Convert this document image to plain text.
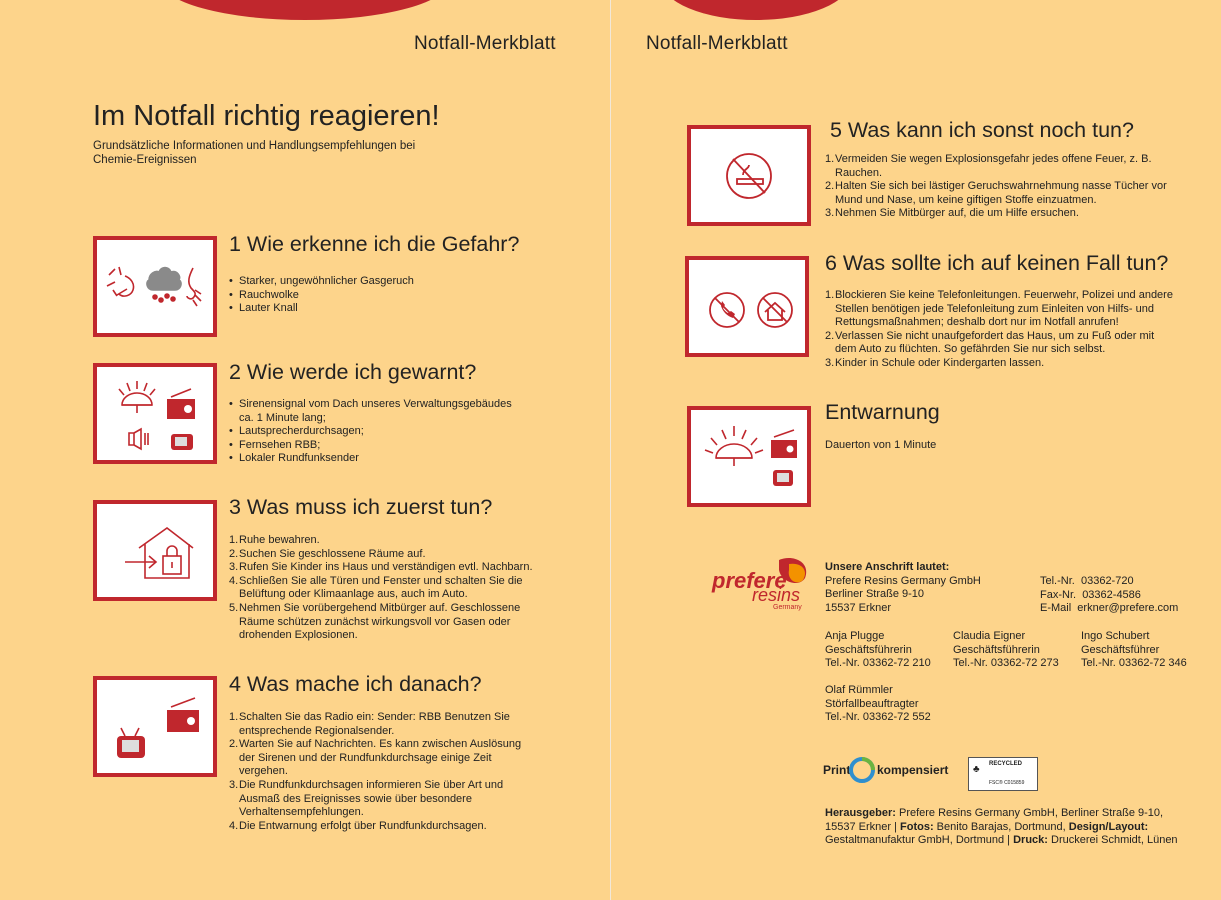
Notfall-Merkblatt
Im Notfall richtig reagieren!
Grundsätzliche Informationen und Handlungsempfehlungen bei Chemie-Ereignissen
1 Wie erkenne ich die Gefahr?
• Starker, ungewöhnlicher Gasgeruch
• Rauchwolke
• Lauter Knall
2 Wie werde ich gewarnt?
• Sirenensignal vom Dach unseres Verwaltungsgebäudes ca. 1 Minute lang;
• Lautsprecherdurchsagen;
• Fernsehen RBB;
• Lokaler Rundfunksender
3 Was muss ich zuerst tun?
1. Ruhe bewahren.
2. Suchen Sie geschlossene Räume auf.
3. Rufen Sie Kinder ins Haus und verständigen evtl. Nachbarn.
4. Schließen Sie alle Türen und Fenster und schalten Sie die Belüftung oder Klimaanlage aus, auch im Auto.
5. Nehmen Sie vorübergehend Mitbürger auf. Geschlossene Räume schützen zunächst wirkungsvoll vor Gasen oder drohenden Explosionen.
4 Was mache ich danach?
1. Schalten Sie das Radio ein: Sender: RBB Benutzen Sie entsprechende Regionalsender.
2. Warten Sie auf Nachrichten. Es kann zwischen Auslösung der Sirenen und der Rundfunkdurchsage einige Zeit vergehen.
3. Die Rundfunkdurchsagen informieren Sie über Art und Ausmaß des Ereignisses sowie über besondere Verhaltensempfehlungen.
4. Die Entwarnung erfolgt über Rundfunkdurchsagen.
Notfall-Merkblatt
5 Was kann ich sonst noch tun?
1. Vermeiden Sie wegen Explosionsgefahr jedes offene Feuer, z. B. Rauchen.
2. Halten Sie sich bei lästiger Geruchswahrnehmung nasse Tücher vor Mund und Nase, um keine giftigen Stoffe einzuatmen.
3. Nehmen Sie Mitbürger auf, die um Hilfe ersuchen.
6 Was sollte ich auf keinen Fall tun?
1. Blockieren Sie keine Telefonleitungen. Feuerwehr, Polizei und andere Stellen benötigen jede Telefonleitung zum Einleiten von Hilfs- und Rettungsmaßnahmen; deshalb dort nur im Notfall anrufen!
2. Verlassen Sie nicht unaufgefordert das Haus, um zu Fuß oder mit dem Auto zu flüchten. So gefährden Sie nur sich selbst.
3. Kinder in Schule oder Kindergarten lassen.
Entwarnung
Dauerton von 1 Minute
prefere
resins
Germany
Unsere Anschrift lautet:
Prefere Resins Germany GmbH
Berliner Straße 9-10
15537 Erkner
Tel.-Nr. 03362-720
Fax-Nr. 03362-4586
E-Mail erkner@prefere.com
Anja Plugge
Geschäftsführerin
Tel.-Nr. 03362-72 210
Claudia Eigner
Geschäftsführerin
Tel.-Nr. 03362-72 273
Ingo Schubert
Geschäftsführer
Tel.-Nr. 03362-72 346
Olaf Rümmler
Störfallbeauftragter
Tel.-Nr. 03362-72 552
Print kompensiert ♣ RECYCLED
FSC® C015859
Herausgeber: Prefere Resins Germany GmbH, Berliner Straße 9-10, 15537 Erkner | Fotos: Benito Barajas, Dortmund, Design/Layout: Gestaltmanufaktur GmbH, Dortmund | Druck: Druckerei Schmidt, Lünen
